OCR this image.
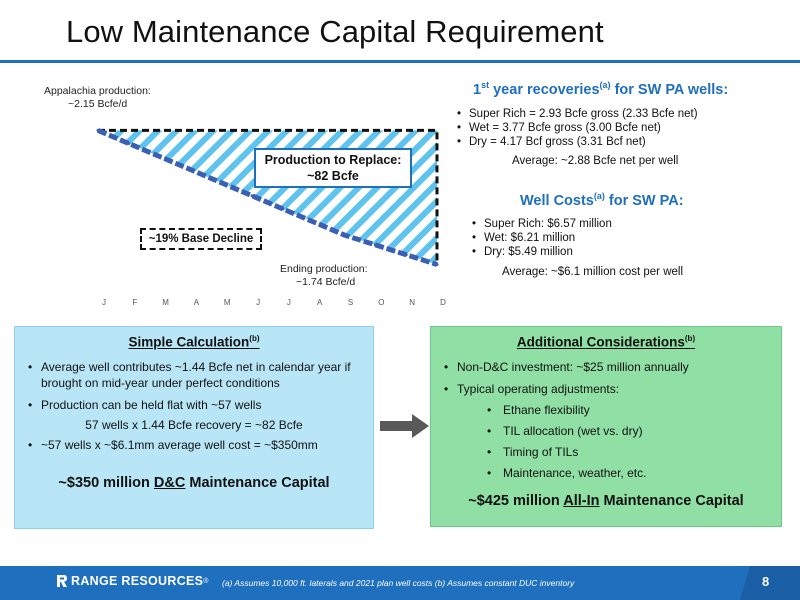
Low Maintenance Capital Requirement
Appalachia production:
~2.15 Bcfe/d
Production to Replace:
~82 Bcfe
~19% Base Decline
Ending production:
~1.74 Bcfe/d
J	F	M	A	M	J	J	A	S	O	N	D
1st year recoveries$^{(a)}$ for SW PA wells:
• Super Rich = 2.93 Bcfe gross (2.33 Bcfe net)
• Wet = 3.77 Bcfe gross (3.00 Bcfe net)
• Dry = 4.17 Bcf gross (3.31 Bcf net)
Average: ~2.88 Bcfe net per well
Well Costs$^{(a)}$ for SW PA:
• Super Rich: $6.57 million
• Wet: $6.21 million
• Dry: $5.49 million
Average: ~$6.1 million cost per well
Simple Calculation$^{(b)}$
• Average well contributes ~1.44 Bcfe net in calendar year if brought on mid-year under perfect conditions
• Production can be held flat with ~57 wells
57 wells x 1.44 Bcfe recovery = ~82 Bcfe
• ~57 wells x ~$6.1mm average well cost = ~$350mm
~$350 million D&C Maintenance Capital
Additional Considerations$^{(b)}$
• Non-D&C investment: ~$25 million annually
• Typical operating adjustments:
• Ethane flexibility
• TIL allocation (wet vs. dry)
• Timing of TILs
• Maintenance, weather, etc.
~$425 million All-In Maintenance Capital
RANGE RESOURCES ® (a) Assumes 10,000 ft. laterals and 2021 plan well costs (b) Assumes constant DUC inventory	8
